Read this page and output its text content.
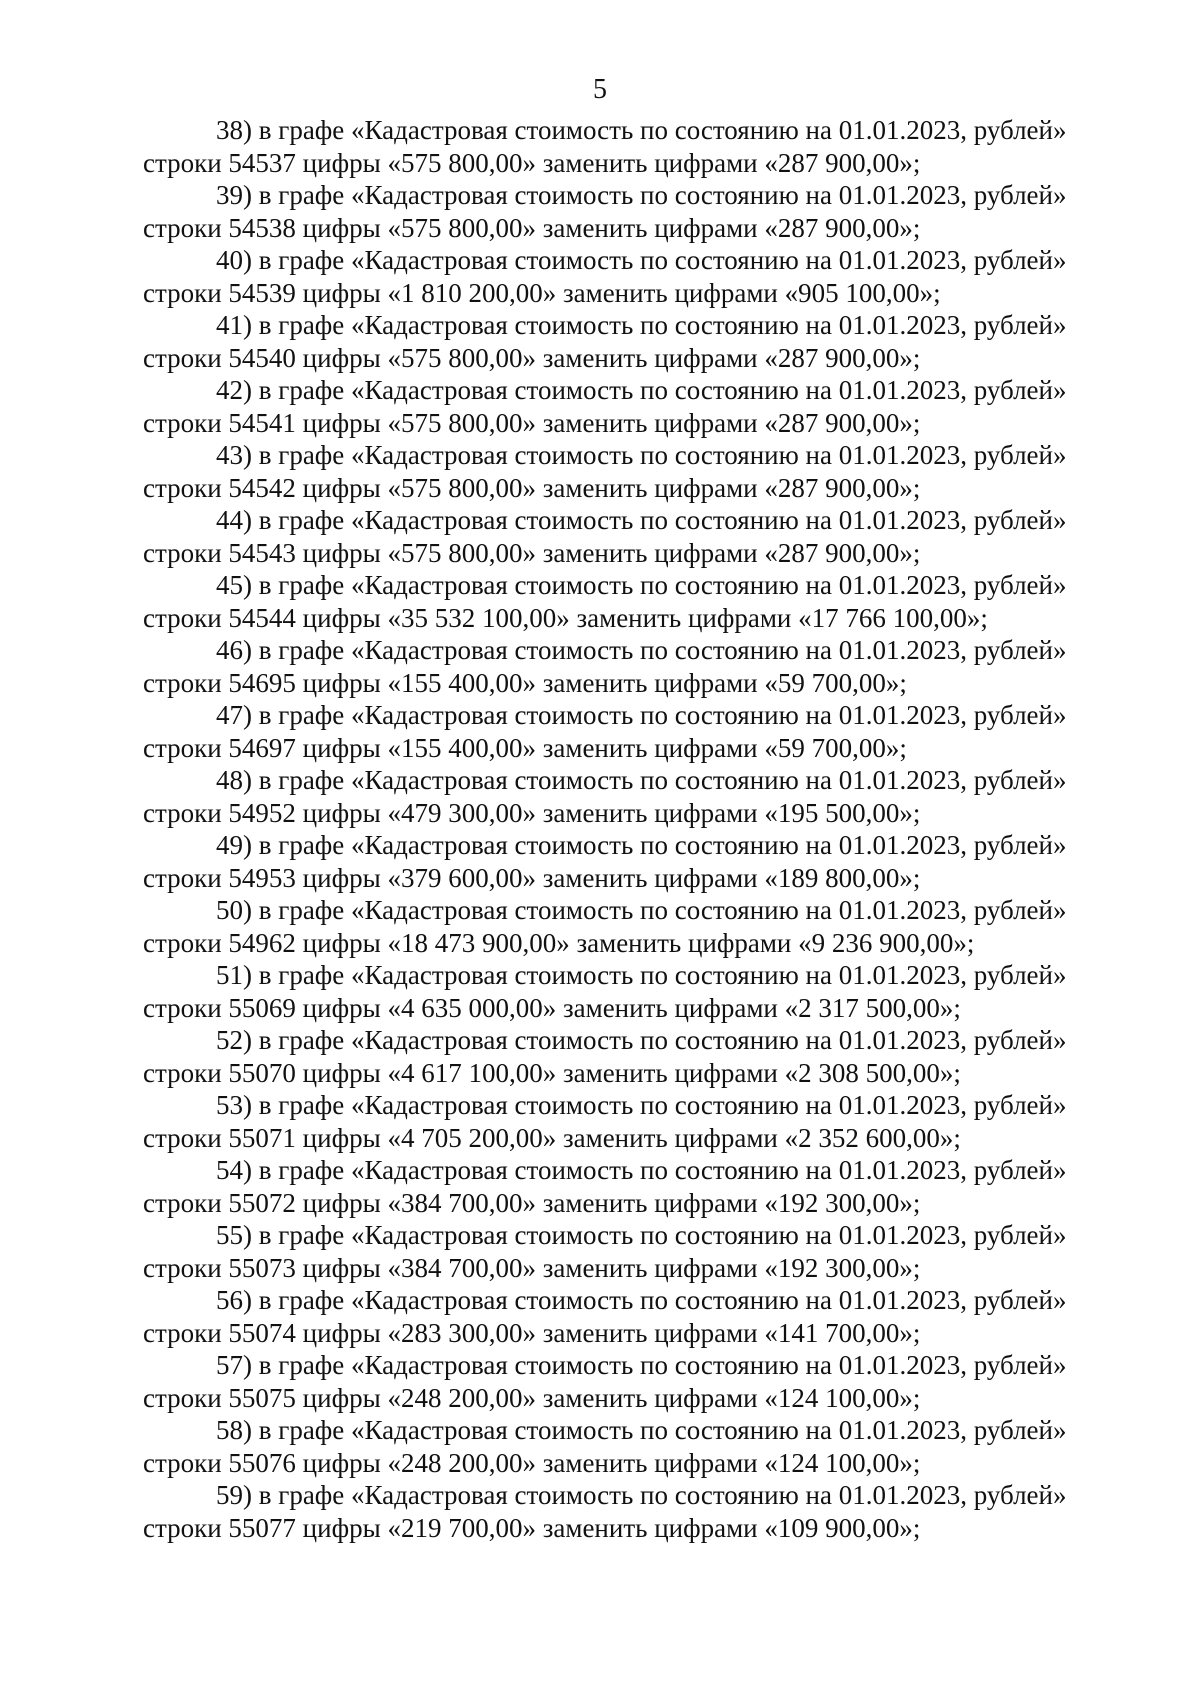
5
38) в графе «Кадастровая стоимость по состоянию на 01.01.2023, рублей»
строки 54537 цифры «575 800,00» заменить цифрами «287 900,00»;
39) в графе «Кадастровая стоимость по состоянию на 01.01.2023, рублей»
строки 54538 цифры «575 800,00» заменить цифрами «287 900,00»;
40) в графе «Кадастровая стоимость по состоянию на 01.01.2023, рублей»
строки 54539 цифры «1 810 200,00» заменить цифрами «905 100,00»;
41) в графе «Кадастровая стоимость по состоянию на 01.01.2023, рублей»
строки 54540 цифры «575 800,00» заменить цифрами «287 900,00»;
42) в графе «Кадастровая стоимость по состоянию на 01.01.2023, рублей»
строки 54541 цифры «575 800,00» заменить цифрами «287 900,00»;
43) в графе «Кадастровая стоимость по состоянию на 01.01.2023, рублей»
строки 54542 цифры «575 800,00» заменить цифрами «287 900,00»;
44) в графе «Кадастровая стоимость по состоянию на 01.01.2023, рублей»
строки 54543 цифры «575 800,00» заменить цифрами «287 900,00»;
45) в графе «Кадастровая стоимость по состоянию на 01.01.2023, рублей»
строки 54544 цифры «35 532 100,00» заменить цифрами «17 766 100,00»;
46) в графе «Кадастровая стоимость по состоянию на 01.01.2023, рублей»
строки 54695 цифры «155 400,00» заменить цифрами «59 700,00»;
47) в графе «Кадастровая стоимость по состоянию на 01.01.2023, рублей»
строки 54697 цифры «155 400,00» заменить цифрами «59 700,00»;
48) в графе «Кадастровая стоимость по состоянию на 01.01.2023, рублей»
строки 54952 цифры «479 300,00» заменить цифрами «195 500,00»;
49) в графе «Кадастровая стоимость по состоянию на 01.01.2023, рублей»
строки 54953 цифры «379 600,00» заменить цифрами «189 800,00»;
50) в графе «Кадастровая стоимость по состоянию на 01.01.2023, рублей»
строки 54962 цифры «18 473 900,00» заменить цифрами «9 236 900,00»;
51) в графе «Кадастровая стоимость по состоянию на 01.01.2023, рублей»
строки 55069 цифры «4 635 000,00» заменить цифрами «2 317 500,00»;
52) в графе «Кадастровая стоимость по состоянию на 01.01.2023, рублей»
строки 55070 цифры «4 617 100,00» заменить цифрами «2 308 500,00»;
53) в графе «Кадастровая стоимость по состоянию на 01.01.2023, рублей»
строки 55071 цифры «4 705 200,00» заменить цифрами «2 352 600,00»;
54) в графе «Кадастровая стоимость по состоянию на 01.01.2023, рублей»
строки 55072 цифры «384 700,00» заменить цифрами «192 300,00»;
55) в графе «Кадастровая стоимость по состоянию на 01.01.2023, рублей»
строки 55073 цифры «384 700,00» заменить цифрами «192 300,00»;
56) в графе «Кадастровая стоимость по состоянию на 01.01.2023, рублей»
строки 55074 цифры «283 300,00» заменить цифрами «141 700,00»;
57) в графе «Кадастровая стоимость по состоянию на 01.01.2023, рублей»
строки 55075 цифры «248 200,00» заменить цифрами «124 100,00»;
58) в графе «Кадастровая стоимость по состоянию на 01.01.2023, рублей»
строки 55076 цифры «248 200,00» заменить цифрами «124 100,00»;
59) в графе «Кадастровая стоимость по состоянию на 01.01.2023, рублей»
строки 55077 цифры «219 700,00» заменить цифрами «109 900,00»;
